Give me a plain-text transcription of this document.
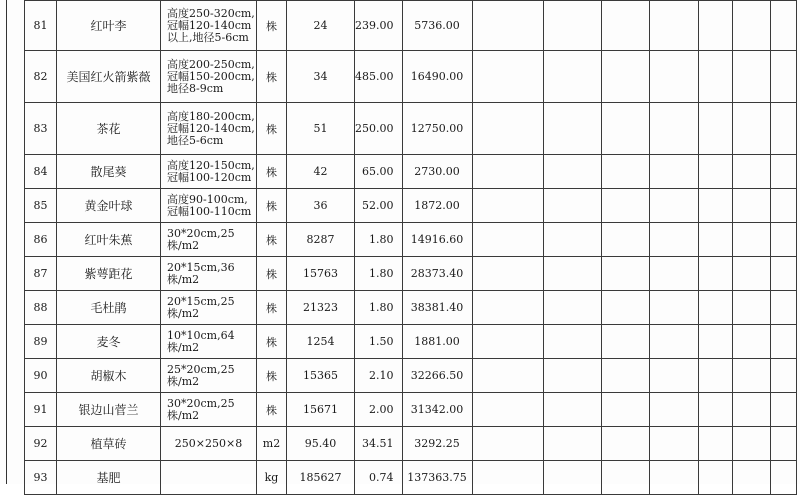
81	红叶李	高度250-320cm,冠幅120-140cm以上,地径5-6cm	株	24	239.00	5736.00							
82	美国红火箭紫薇	高度200-250cm,冠幅150-200cm,地径8-9cm	株	34	485.00	16490.00							
83	茶花	高度180-200cm,冠幅120-140cm,地径5-6cm	株	51	250.00	12750.00							
84	散尾葵	高度120-150cm,冠幅100-120cm	株	42	65.00	2730.00							
85	黄金叶球	高度90-100cm,冠幅100-110cm	株	36	52.00	1872.00							
86	红叶朱蕉	30*20cm,25株/m2	株	8287	1.80	14916.60							
87	紫萼距花	20*15cm,36株/m2	株	15763	1.80	28373.40							
88	毛杜鹃	20*15cm,25株/m2	株	21323	1.80	38381.40							
89	麦冬	10*10cm,64株/m2	株	1254	1.50	1881.00							
90	胡椒木	25*20cm,25株/m2	株	15365	2.10	32266.50							
91	银边山菅兰	30*20cm,25株/m2	株	15671	2.00	31342.00							
92	植草砖	250×250×8	m2	95.40	34.51	3292.25							
93	基肥		kg	185627	0.74	137363.75							
